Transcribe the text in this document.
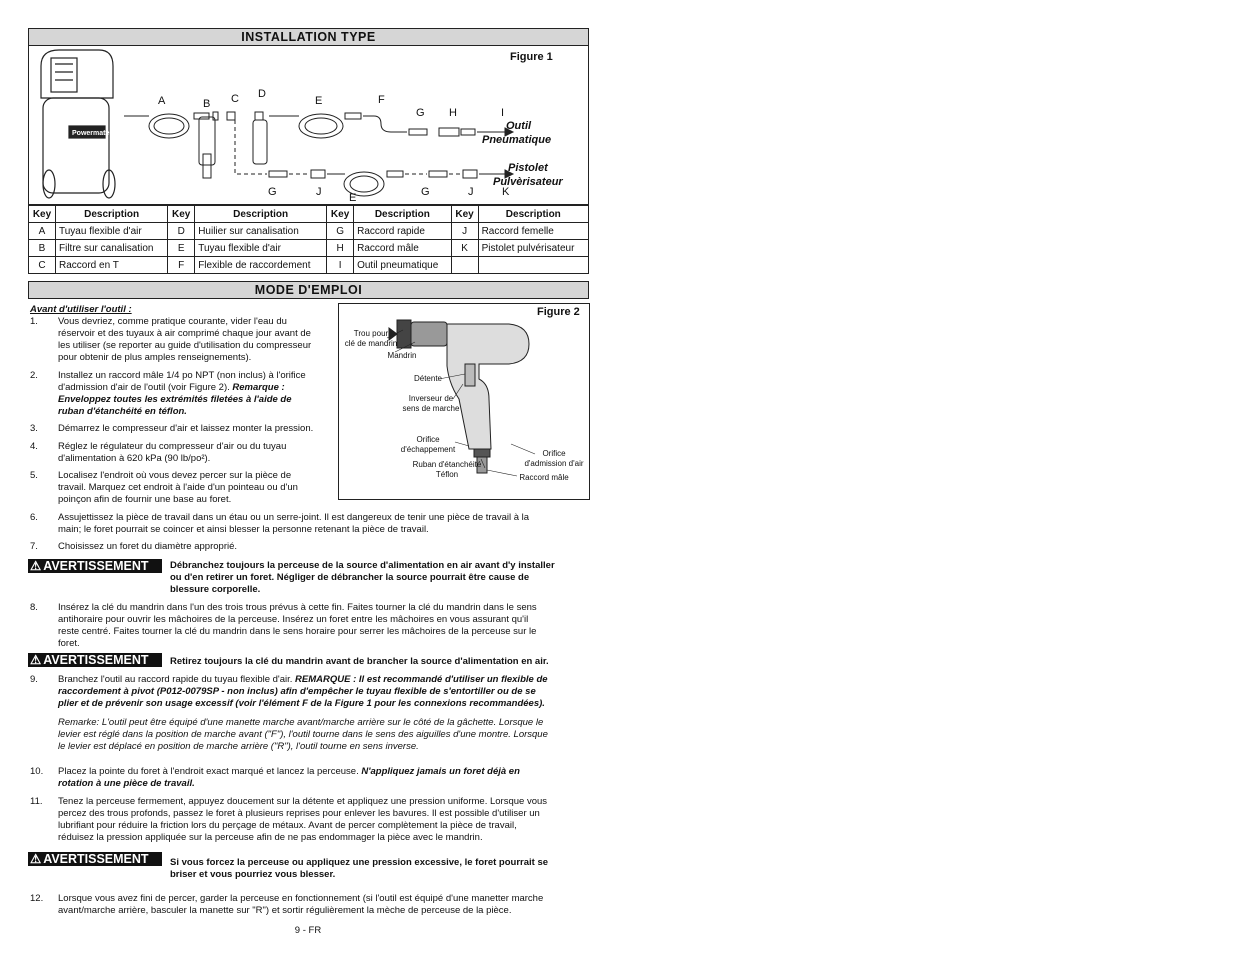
INSTALLATION TYPE
Figure 1
Powermate
A	B C D
E	F
G H	I
G	J	E	G	J	K
Outil
Pneumatique
Pistolet
Pulvèrisateur
Key	Description	Key	Description	Key	Description	Key	Description
A	Tuyau flexible d'air	D	Huilier sur canalisation	G	Raccord rapide	J	Raccord femelle
B	Filtre sur canalisation	E	Tuyau flexible d'air	H	Raccord mâle	K	Pistolet pulvérisateur
C	Raccord en T	F	Flexible de raccordement	I	Outil pneumatique		
MODE D'EMPLOI
Avant d'utiliser l'outil :
1. Vous devriez, comme pratique courante, vider l'eau du
réservoir et des tuyaux à air comprimé chaque jour avant de
les utiliser (se reporter au guide d'utilisation du compresseur
pour obtenir de plus amples renseignements).
2. Installez un raccord mâle 1/4 po NPT (non inclus) à l'orifice
d'admission d'air de l'outil (voir Figure 2). Remarque :
Enveloppez toutes les extrémités filetées à l'aide de
ruban d'étanchéité en téflon.
3. Démarrez le compresseur d'air et laissez monter la pression.
4. Réglez le régulateur du compresseur d'air ou du tuyau
d'alimentation à 620 kPa (90 lb/po²).
5. Localisez l'endroit où vous devez percer sur la pièce de
travail. Marquez cet endroit à l'aide d'un pointeau ou d'un
poinçon afin de fournir une base au foret.
Figure 2
Trou pour
clé de mandrin
Mandrin
Détente
Inverseur de
sens de marche
Orifice
d'échappement
Ruban d'étanchéité
Téflon
Orifice
d'admission d'air
Raccord mâle
6. Assujettissez la pièce de travail dans un étau ou un serre-joint. Il est dangereux de tenir une pièce de travail à la
main; le foret pourrait se coincer et ainsi blesser la personne retenant la pièce de travail.
7. Choisissez un foret du diamètre approprié.
⚠ AVERTISSEMENT	Débranchez toujours la perceuse de la source d'alimentation en air avant d'y installer
ou d'en retirer un foret. Négliger de débrancher la source pourrait être cause de
blessure corporelle.
8. Insérez la clé du mandrin dans l'un des trois trous prévus à cette fin. Faites tourner la clé du mandrin dans le sens
antihoraire pour ouvrir les mâchoires de la perceuse. Insérez un foret entre les mâchoires en vous assurant qu'il
reste centré. Faites tourner la clé du mandrin dans le sens horaire pour serrer les mâchoires de la perceuse sur le
foret.
⚠ AVERTISSEMENT	Retirez toujours la clé du mandrin avant de brancher la source d'alimentation en air.
9. Branchez l'outil au raccord rapide du tuyau flexible d'air. REMARQUE : Il est recommandé d'utiliser un flexible de
raccordement à pivot (P012-0079SP - non inclus) afin d'empêcher le tuyau flexible de s'entortiller ou de se
plier et de prévenir son usage excessif (voir l'élément F de la Figure 1 pour les connexions recommandées).
Remarke: L'outil peut être équipé d'une manette marche avant/marche arrière sur le côté de la gâchette. Lorsque le
levier est réglé dans la position de marche avant ("F"), l'outil tourne dans le sens des aiguilles d'une montre. Lorsque
le levier est déplacé en position de marche arrière ("R"), l'outil tourne en sens inverse.
10. Placez la pointe du foret à l'endroit exact marqué et lancez la perceuse. N'appliquez jamais un foret déjà en
rotation à une pièce de travail.
11. Tenez la perceuse fermement, appuyez doucement sur la détente et appliquez une pression uniforme. Lorsque vous
percez des trous profonds, passez le foret à plusieurs reprises pour enlever les bavures. Il est possible d'utiliser un
lubrifiant pour réduire la friction lors du perçage de métaux. Avant de percer complètement la pièce de travail,
réduisez la pression appliquée sur la perceuse afin de ne pas endommager la pièce avec le mandrin.
⚠ AVERTISSEMENT	Si vous forcez la perceuse ou appliquez une pression excessive, le foret pourrait se
briser et vous pourriez vous blesser.
12. Lorsque vous avez fini de percer, garder la perceuse en fonctionnement (si l'outil est équipé d'une manetter marche
avant/marche arrière, basculer la manette sur "R") et sortir régulièrement la mèche de perceuse de la pièce.
9 - FR
